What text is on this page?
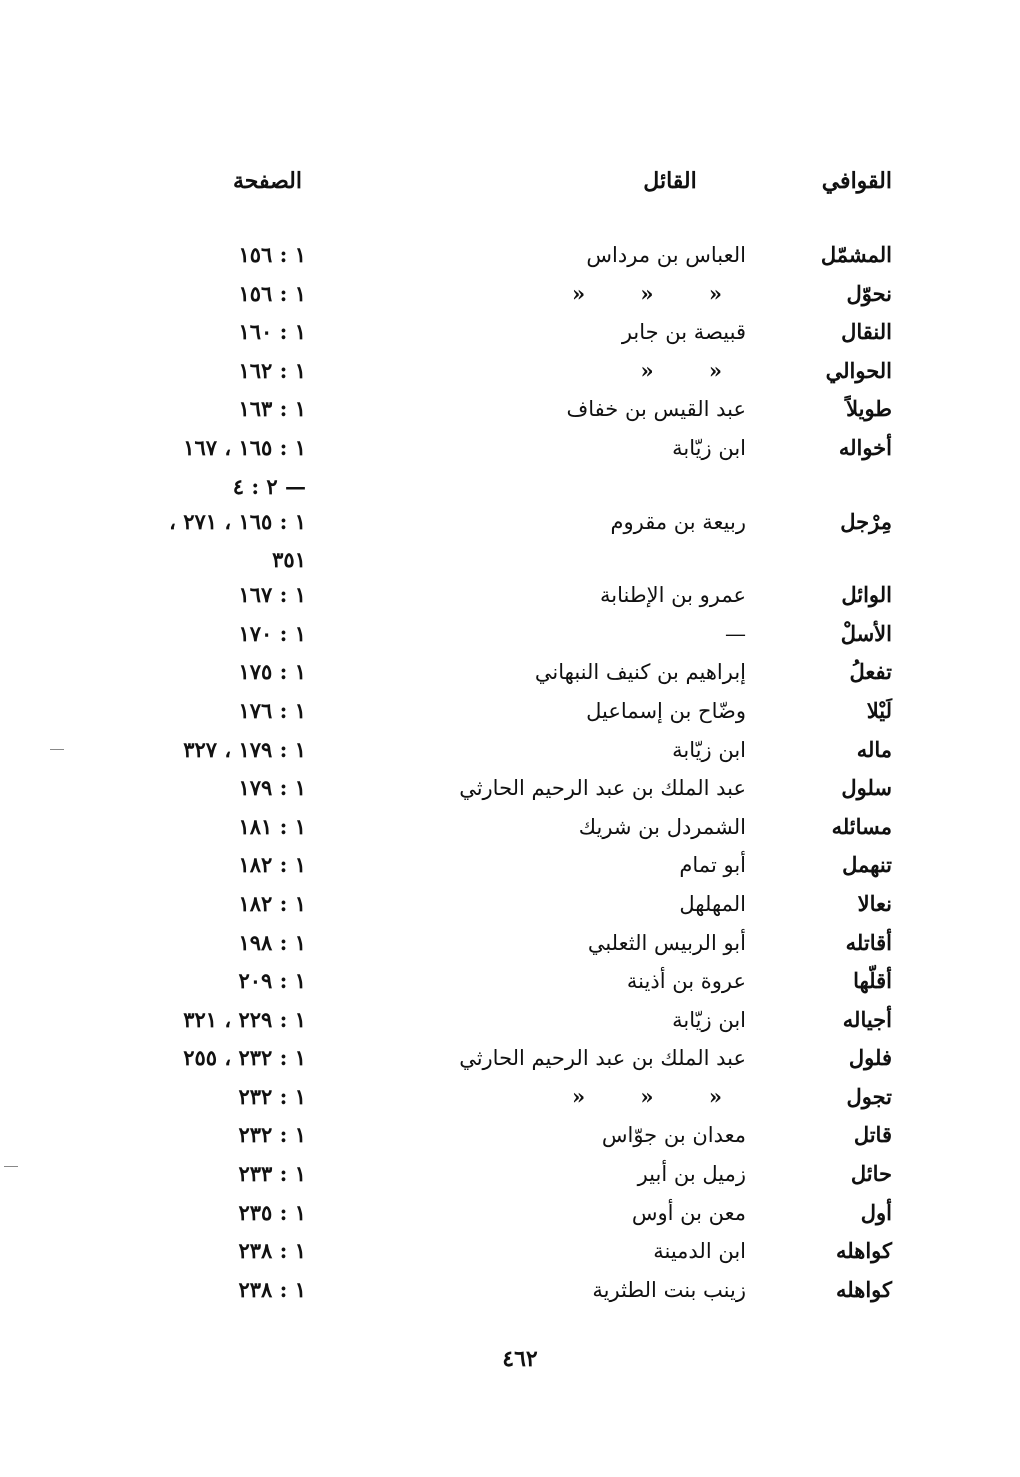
القوافي
القائل
الصفحة
المشمّل
العباس بن مرداس
١ : ١٥٦
نحوّل
« « «
١ : ١٥٦
النقال
قبيصة بن جابر
١ : ١٦٠
الحوالي
« «
١ : ١٦٢
طويلاً
عبد القيس بن خفاف
١ : ١٦٣
أخواله
ابن زيّابة
١ : ١٦٥ ، ١٦٧
— ٢ : ٤
مِرْجل
ربيعة بن مقروم
١ : ١٦٥ ، ٢٧١ ،
٣٥١
الوائل
عمرو بن الإطنابة
١ : ١٦٧
الأسلْ
—
١ : ١٧٠
تفعلُ
إبراهيم بن كنيف النبهاني
١ : ١٧٥
لَيْلا
وضّاح بن إسماعيل
١ : ١٧٦
ماله
ابن زيّابة
١ : ١٧٩ ، ٣٢٧
سلول
عبد الملك بن عبد الرحيم الحارثي
١ : ١٧٩
مسائله
الشمردل بن شريك
١ : ١٨١
تنهمل
أبو تمام
١ : ١٨٢
نعالا
المهلهل
١ : ١٨٢
أقاتله
أبو الربيس الثعلبي
١ : ١٩٨
أقلّها
عروة بن أذينة
١ : ٢٠٩
أجياله
ابن زيّابة
١ : ٢٢٩ ، ٣٢١
فلول
عبد الملك بن عبد الرحيم الحارثي
١ : ٢٣٢ ، ٢٥٥
تجول
« « «
١ : ٢٣٢
قاتل
معدان بن جوّاس
١ : ٢٣٢
حائل
زميل بن أبير
١ : ٢٣٣
أول
معن بن أوس
١ : ٢٣٥
كواهله
ابن الدمينة
١ : ٢٣٨
كواهله
زينب بنت الطثرية
١ : ٢٣٨
٤٦٢
